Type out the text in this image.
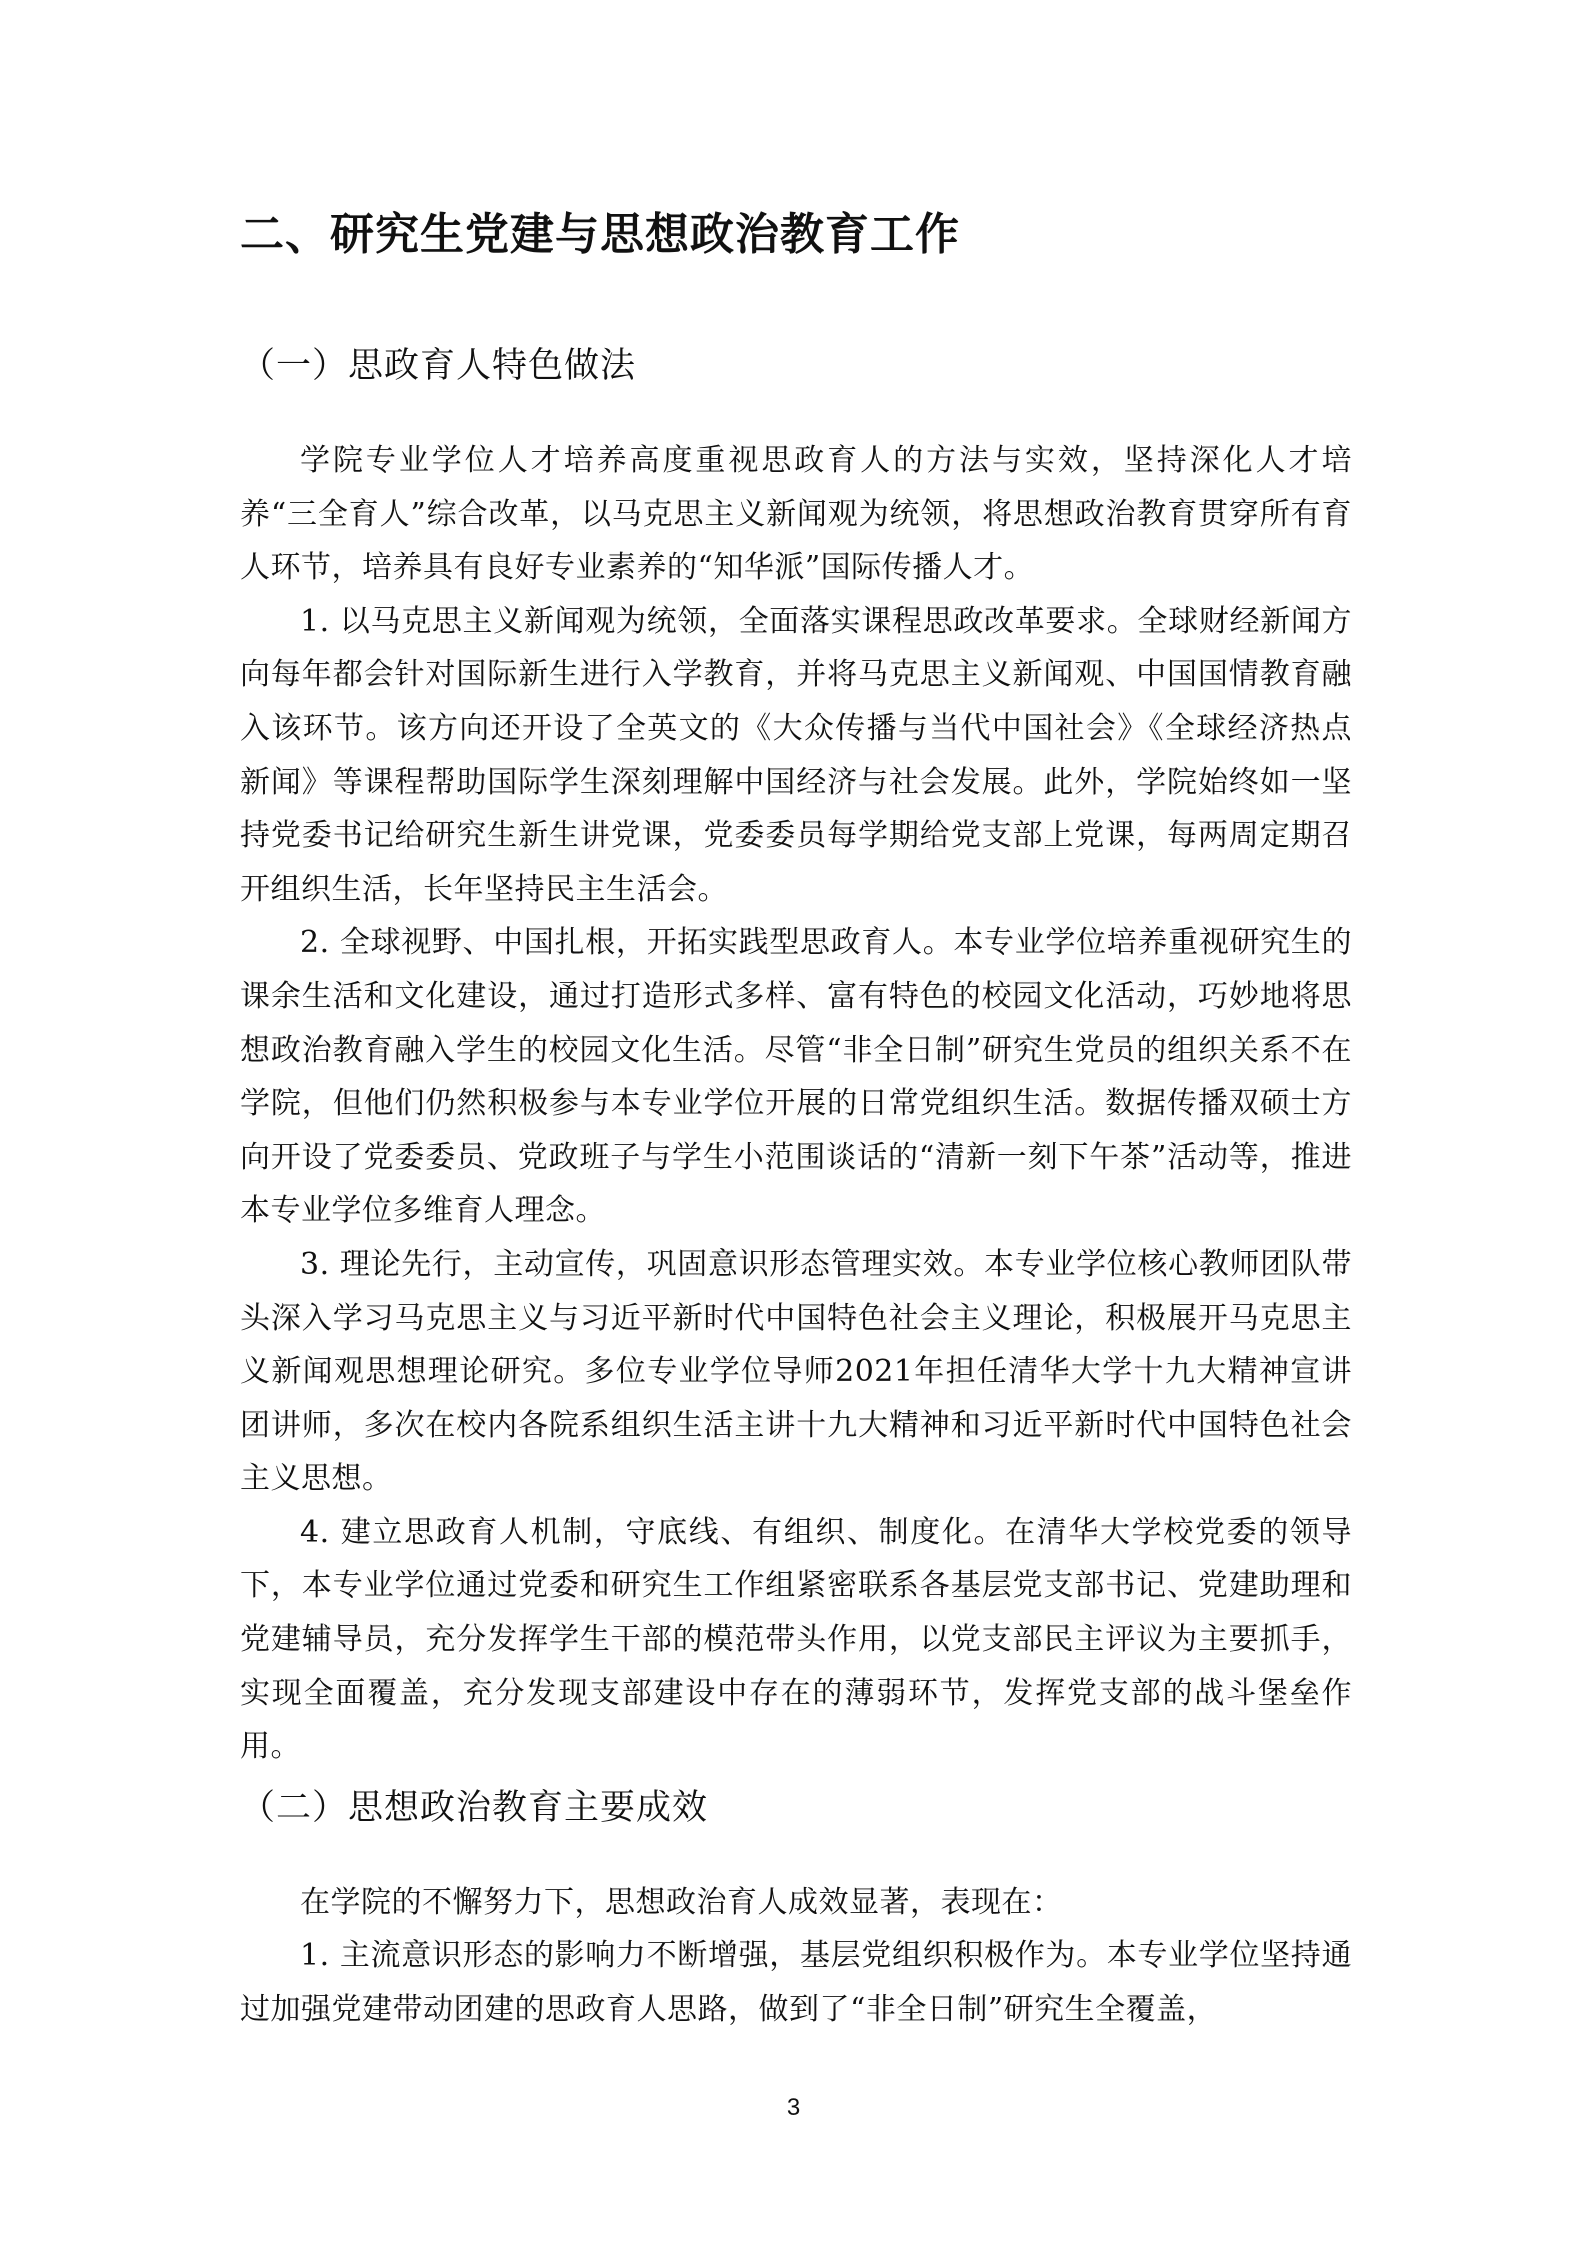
二、研究生党建与思想政治教育工作
（一）思政育人特色做法

学院专业学位人才培养高度重视思政育人的方法与实效，坚持深化人才培养“三全育人”综合改革，以马克思主义新闻观为统领，将思想政治教育贯穿所有育人环节，培养具有良好专业素养的“知华派”国际传播人才。

1. 以马克思主义新闻观为统领，全面落实课程思政改革要求。全球财经新闻方向每年都会针对国际新生进行入学教育，并将马克思主义新闻观、中国国情教育融入该环节。该方向还开设了全英文的《大众传播与当代中国社会》《全球经济热点新闻》等课程帮助国际学生深刻理解中国经济与社会发展。此外，学院始终如一坚持党委书记给研究生新生讲党课，党委委员每学期给党支部上党课，每两周定期召开组织生活，长年坚持民主生活会。

2. 全球视野、中国扎根，开拓实践型思政育人。本专业学位培养重视研究生的课余生活和文化建设，通过打造形式多样、富有特色的校园文化活动，巧妙地将思想政治教育融入学生的校园文化生活。尽管“非全日制”研究生党员的组织关系不在学院，但他们仍然积极参与本专业学位开展的日常党组织生活。数据传播双硕士方向开设了党委委员、党政班子与学生小范围谈话的“清新一刻下午茶”活动等，推进本专业学位多维育人理念。

3. 理论先行，主动宣传，巩固意识形态管理实效。本专业学位核心教师团队带头深入学习马克思主义与习近平新时代中国特色社会主义理论，积极展开马克思主义新闻观思想理论研究。多位专业学位导师2021年担任清华大学十九大精神宣讲团讲师，多次在校内各院系组织生活主讲十九大精神和习近平新时代中国特色社会主义思想。

4. 建立思政育人机制，守底线、有组织、制度化。在清华大学校党委的领导下，本专业学位通过党委和研究生工作组紧密联系各基层党支部书记、党建助理和党建辅导员，充分发挥学生干部的模范带头作用，以党支部民主评议为主要抓手，实现全面覆盖，充分发现支部建设中存在的薄弱环节，发挥党支部的战斗堡垒作用。

（二）思想政治教育主要成效

在学院的不懈努力下，思想政治育人成效显著，表现在：

1. 主流意识形态的影响力不断增强，基层党组织积极作为。本专业学位坚持通过加强党建带动团建的思政育人思路，做到了“非全日制”研究生全覆盖，

3
